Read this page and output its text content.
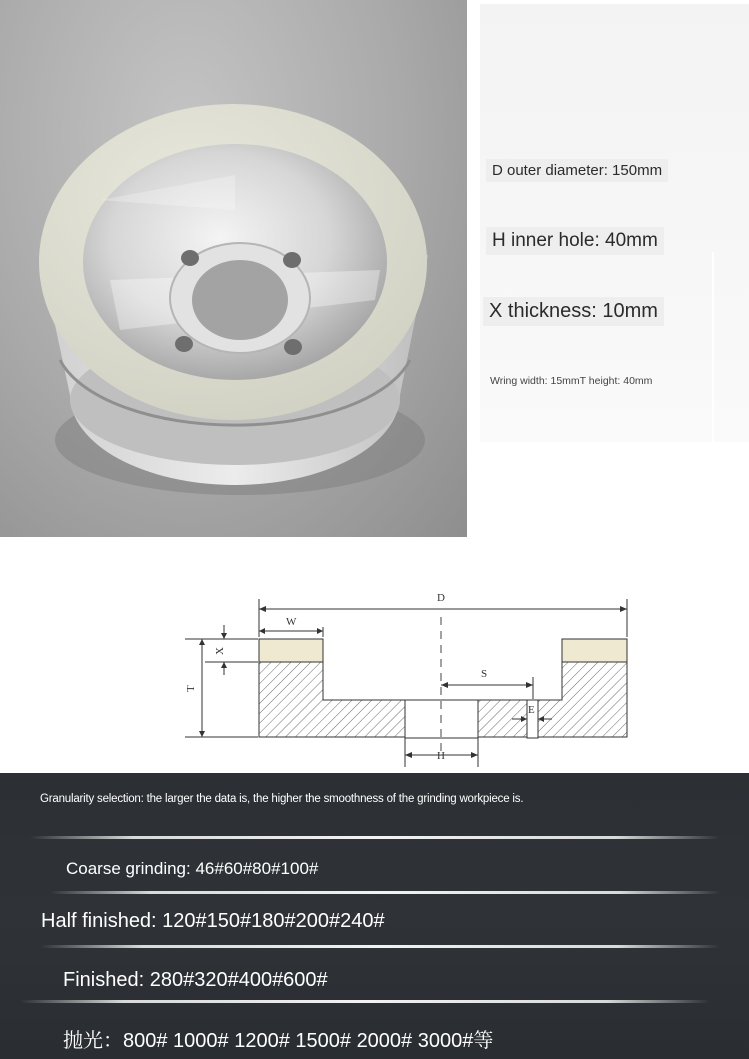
D outer diameter: 150mm
H inner hole: 40mm
X thickness: 10mm
Wring width: 15mmT height: 40mm
D
W
T
X
S
E
H
Granularity selection: the larger the data is, the higher the smoothness of the grinding workpiece is.
Coarse grinding: 46#60#80#100#
Half finished: 120#150#180#200#240#
Finished: 280#320#400#600#
抛光：800# 1000# 1200# 1500# 2000# 3000#等
